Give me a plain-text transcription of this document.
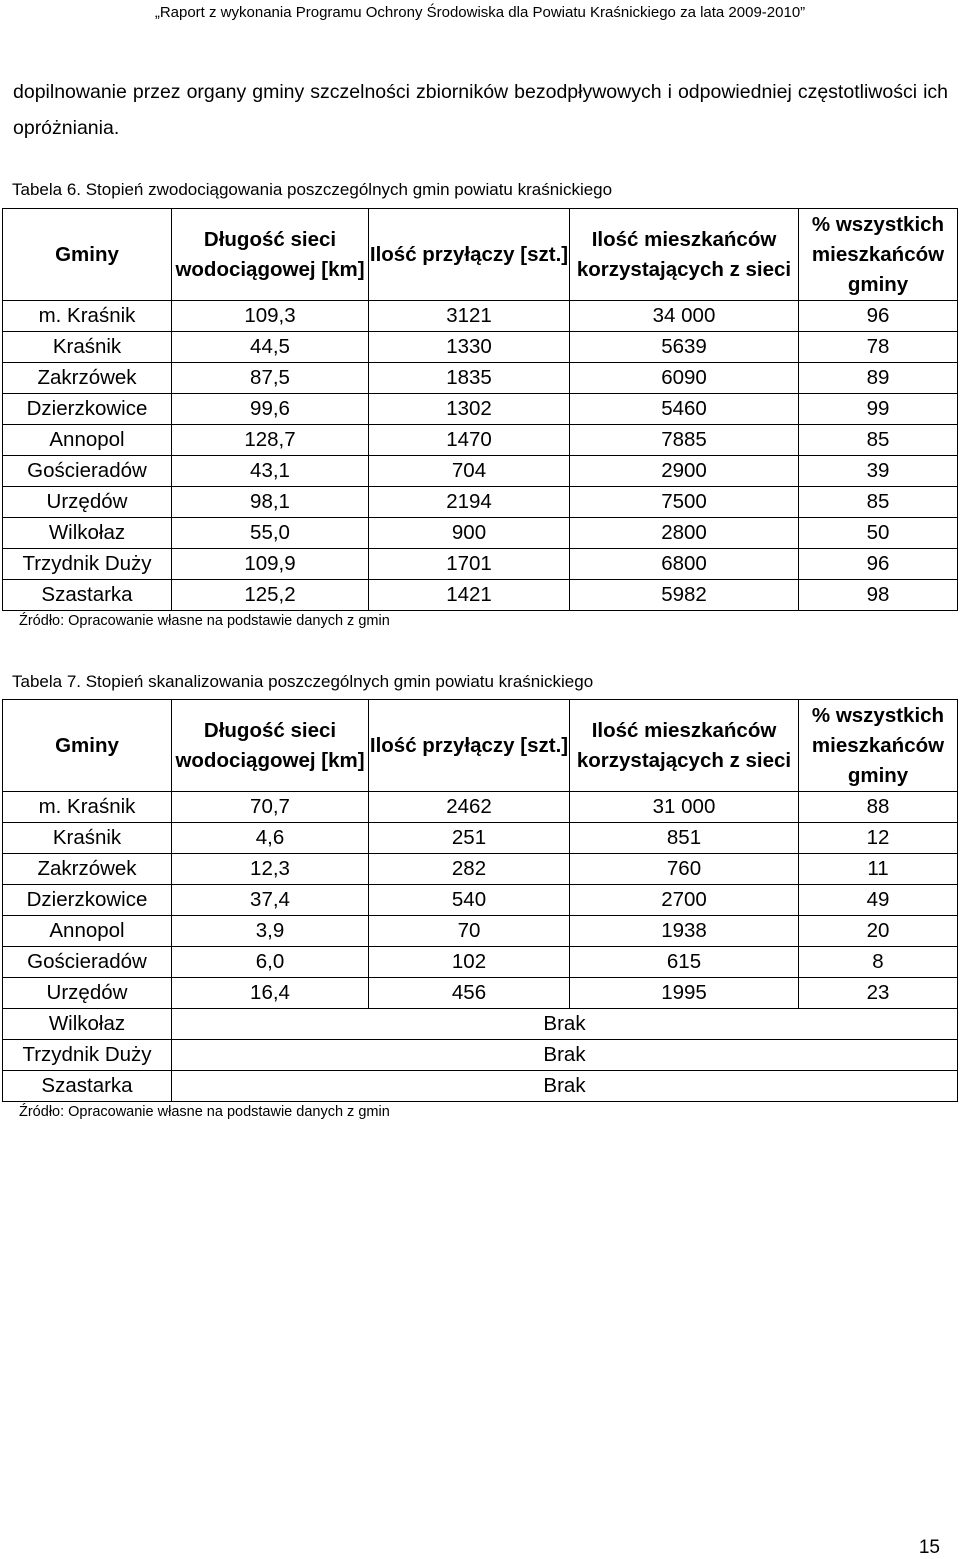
„Raport z wykonania Programu Ochrony Środowiska dla Powiatu Kraśnickiego za lata 2009-2010”
dopilnowanie przez organy gminy szczelności zbiorników bezodpływowych i odpowiedniej częstotliwości ich opróżniania.
Tabela 6. Stopień zwodociągowania poszczególnych gmin powiatu kraśnickiego
Gminy	Długość sieci wodociągowej [km]	Ilość przyłączy [szt.]	Ilość mieszkańców korzystających z sieci	% wszystkich mieszkańców gminy
m. Kraśnik	109,3	3121	34 000	96
Kraśnik	44,5	1330	5639	78
Zakrzówek	87,5	1835	6090	89
Dzierzkowice	99,6	1302	5460	99
Annopol	128,7	1470	7885	85
Gościeradów	43,1	704	2900	39
Urzędów	98,1	2194	7500	85
Wilkołaz	55,0	900	2800	50
Trzydnik Duży	109,9	1701	6800	96
Szastarka	125,2	1421	5982	98
Źródło: Opracowanie własne na podstawie danych z gmin
Tabela 7. Stopień skanalizowania poszczególnych gmin powiatu kraśnickiego
Gminy	Długość sieci wodociągowej [km]	Ilość przyłączy [szt.]	Ilość mieszkańców korzystających z sieci	% wszystkich mieszkańców gminy
m. Kraśnik	70,7	2462	31 000	88
Kraśnik	4,6	251	851	12
Zakrzówek	12,3	282	760	11
Dzierzkowice	37,4	540	2700	49
Annopol	3,9	70	1938	20
Gościeradów	6,0	102	615	8
Urzędów	16,4	456	1995	23
Wilkołaz	Brak			
Trzydnik Duży	Brak			
Szastarka	Brak			
Źródło: Opracowanie własne na podstawie danych z gmin
15
